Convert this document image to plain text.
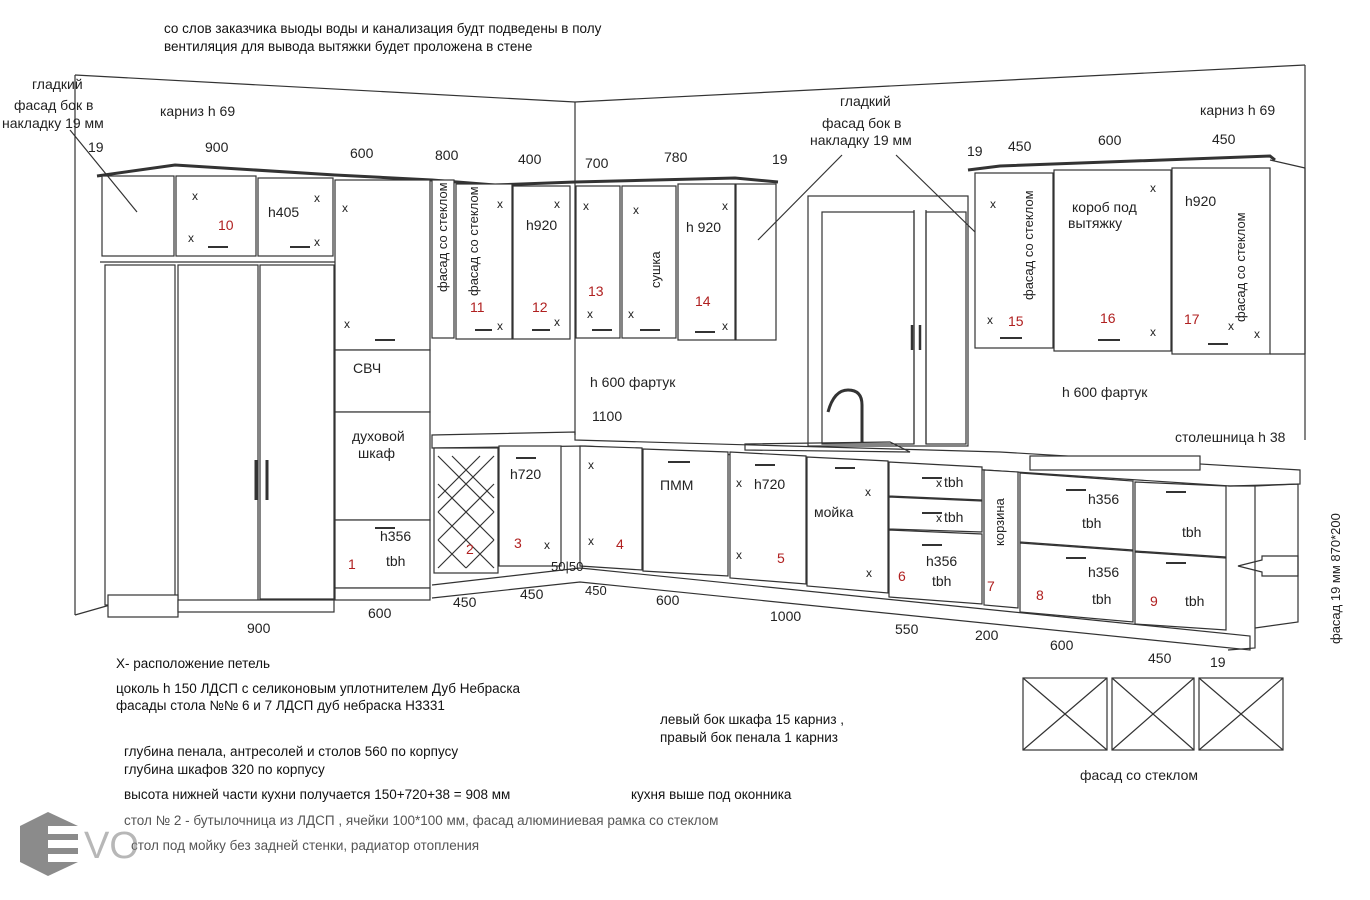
гладкий
фасад бок в
накладку 19 мм
карниз h 69
гладкий
фасад бок в
накладку 19 мм
карниз h 69
19	900	600	800	400	700	780	19	19 450	600	450
x
x
10
h405
x
x
x
x
фасад со стеклом фасад со стеклом
11
x
x
h920
12
x
x
x
x
13
x
x
сушка
h 920
14
x
x
x
x
фасад со стеклом
15
короб под
вытяжку
x
16
x
h920
фасад со стеклом
17 x
x
СВЧ
духовой
шкаф
h 600 фартук
1100
h 600 фартук
столешница h 38
h356
tbh
1
2
h720
3 x
x
x 4
ПММ	x h720
x	5
мойка
x
x
x tbh
x tbh
h356
tbh
6
корзина
7
h356
tbh
h356
tbh
8
tbh
tbh
9
50|50	фасад 19 мм 870*200
900
600
450	450	450
600
1000
550	200
600
450	19
фасад со стеклом
со слов заказчика выоды воды и канализация будт подведены в полу
вентиляция для вывода вытяжки будет проложена в стене
Х- расположение петель
цоколь h 150 ЛДСП с селиконовым уплотнителем Дуб Небраска
фасады стола №№ 6 и 7 ЛДСП дуб небраска Н3331
левый бок шкафа 15 карниз ,
правый бок пенала 1 карниз
глубина пенала, антресолей и столов 560 по корпусу
глубина шкафов 320 по корпусу
высота нижней части кухни получается 150+720+38 = 908 мм	кухня выше под оконника
стол № 2 - бутылочница из ЛДСП , ячейки 100*100 мм, фасад алюминиевая рамка со стеклом
стол под мойку без задней стенки, радиатор отопления
VO
